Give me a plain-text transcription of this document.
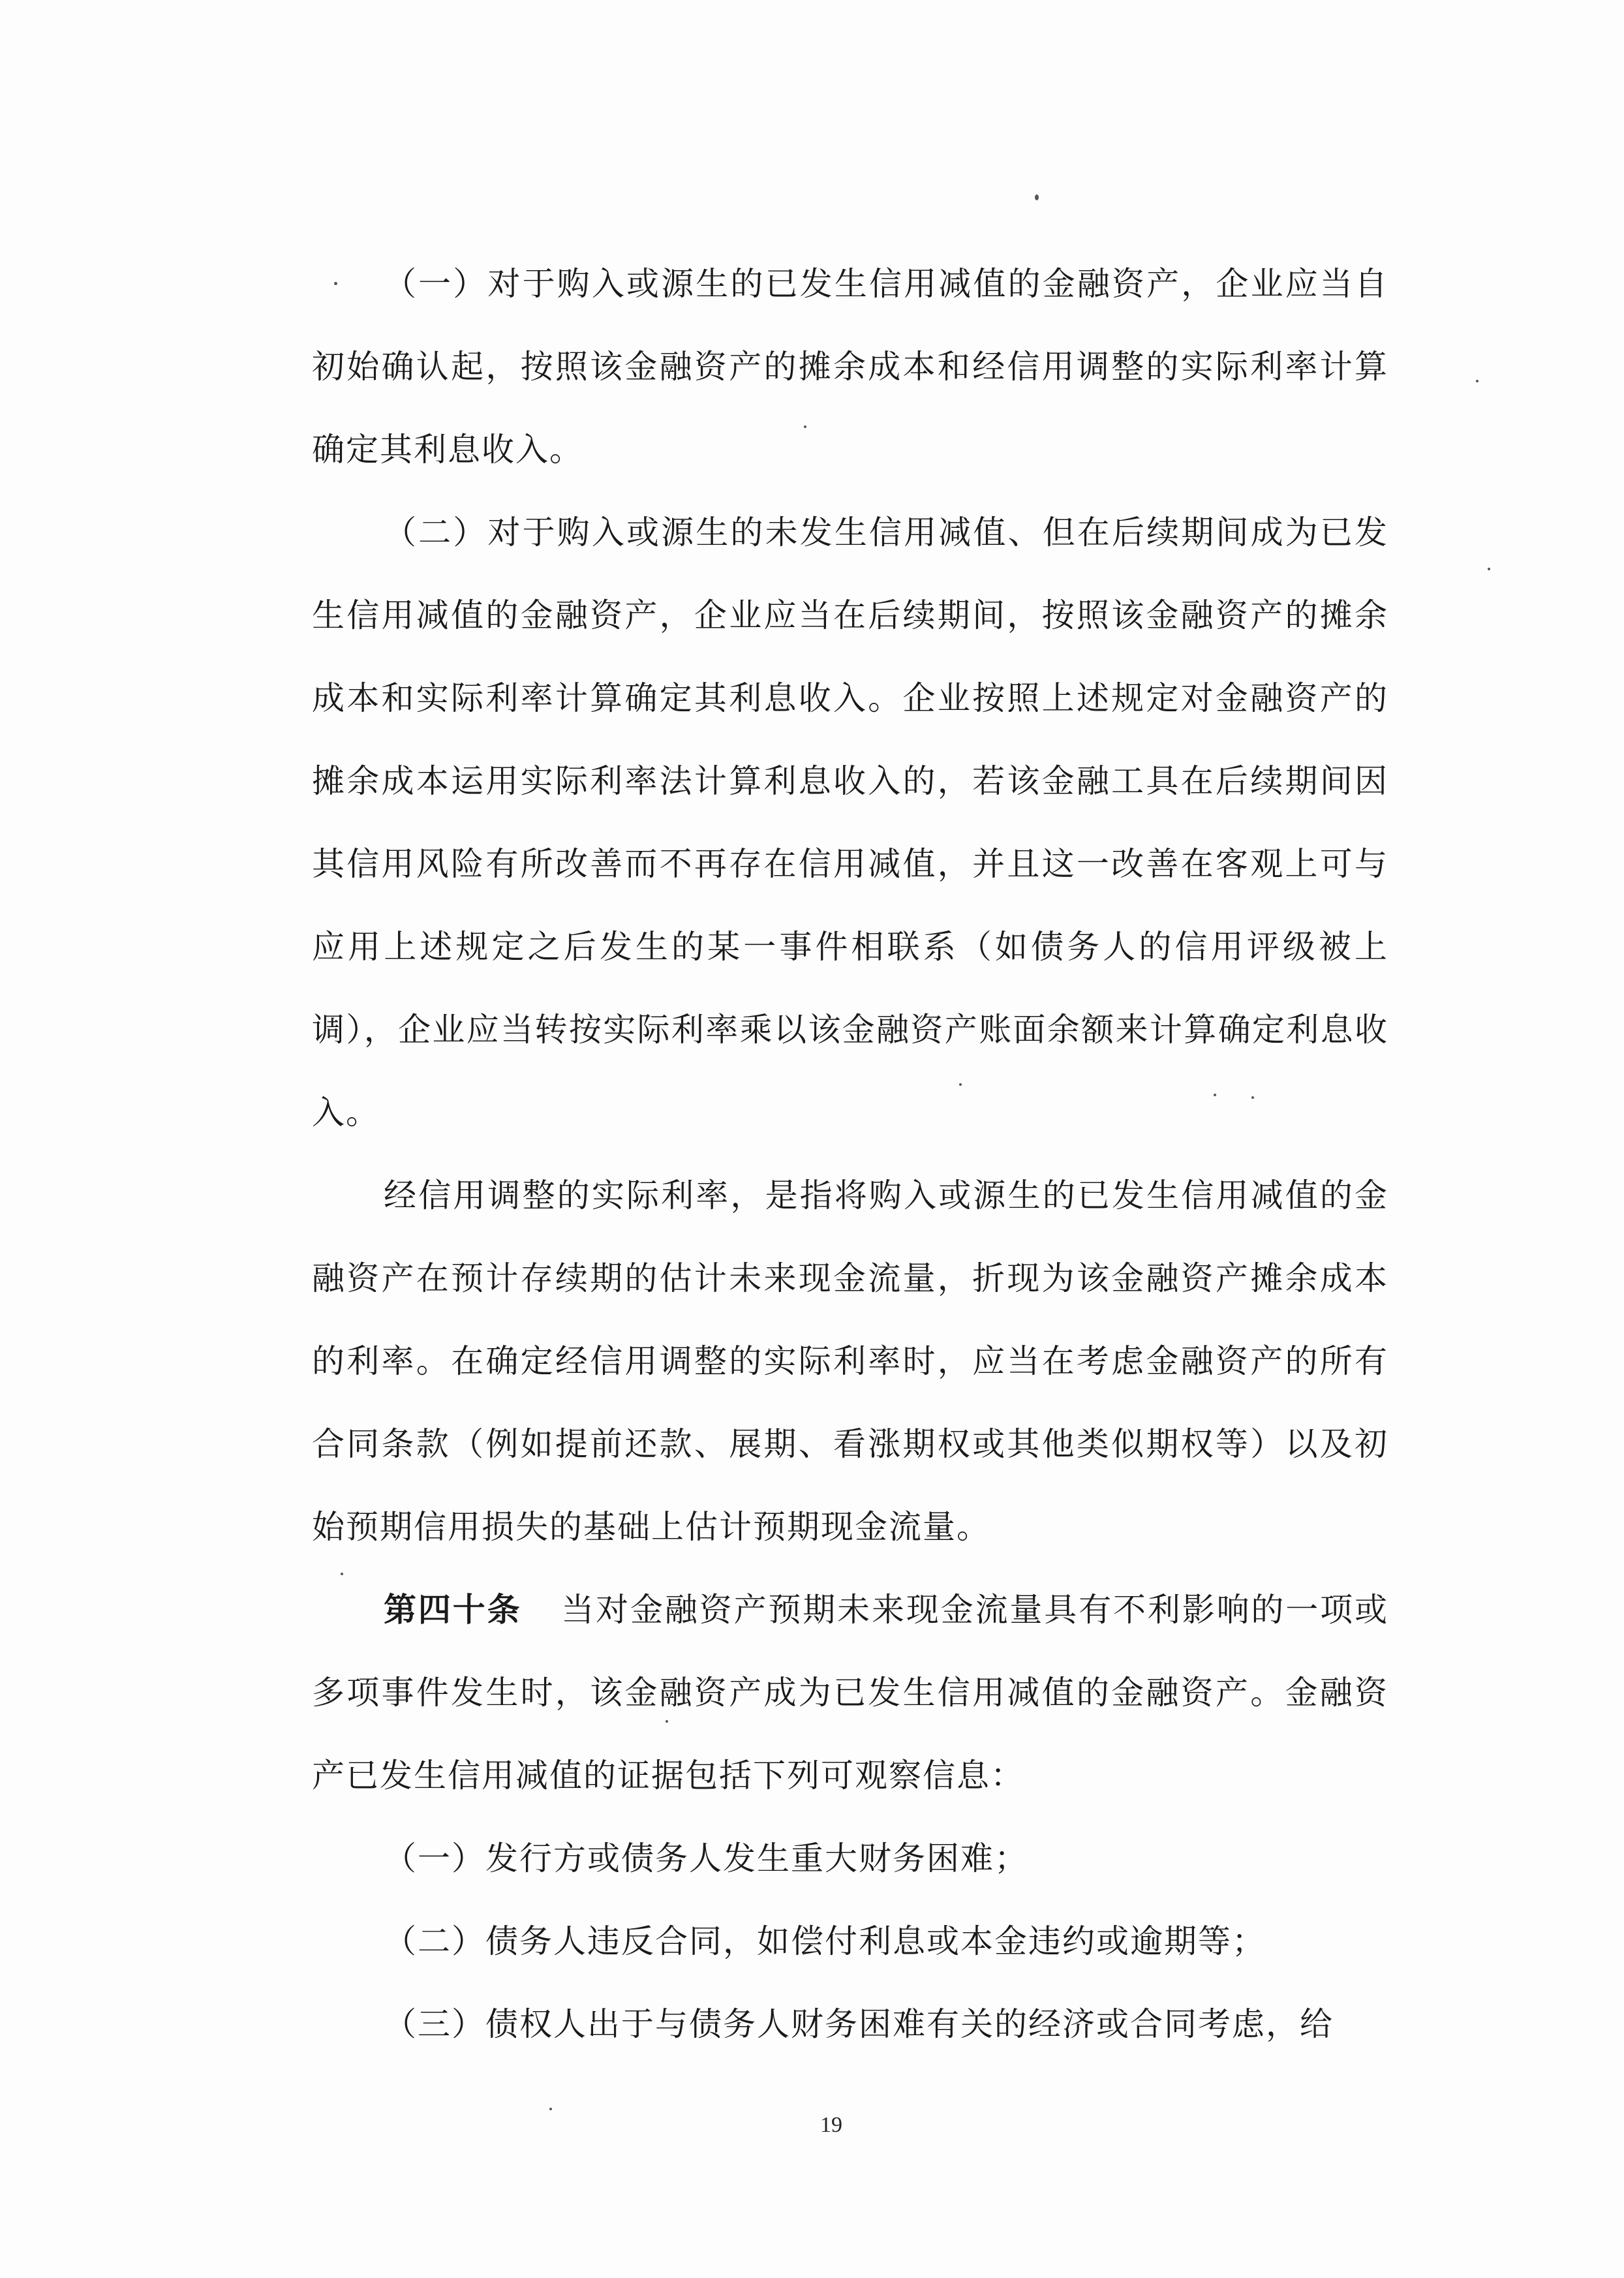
（一）对于购入或源生的已发生信用减值的金融资产，企业应当自初始确认起，按照该金融资产的摊余成本和经信用调整的实际利率计算确定其利息收入。

（二）对于购入或源生的未发生信用减值、但在后续期间成为已发生信用减值的金融资产，企业应当在后续期间，按照该金融资产的摊余成本和实际利率计算确定其利息收入。企业按照上述规定对金融资产的摊余成本运用实际利率法计算利息收入的，若该金融工具在后续期间因其信用风险有所改善而不再存在信用减值，并且这一改善在客观上可与应用上述规定之后发生的某一事件相联系（如债务人的信用评级被上调），企业应当转按实际利率乘以该金融资产账面余额来计算确定利息收入。

经信用调整的实际利率，是指将购入或源生的已发生信用减值的金融资产在预计存续期的估计未来现金流量，折现为该金融资产摊余成本的利率。在确定经信用调整的实际利率时，应当在考虑金融资产的所有合同条款（例如提前还款、展期、看涨期权或其他类似期权等）以及初始预期信用损失的基础上估计预期现金流量。

第四十条 当对金融资产预期未来现金流量具有不利影响的一项或多项事件发生时，该金融资产成为已发生信用减值的金融资产。金融资产已发生信用减值的证据包括下列可观察信息：

（一）发行方或债务人发生重大财务困难；

（二）债务人违反合同，如偿付利息或本金违约或逾期等；

（三）债权人出于与债务人财务困难有关的经济或合同考虑，给

19
